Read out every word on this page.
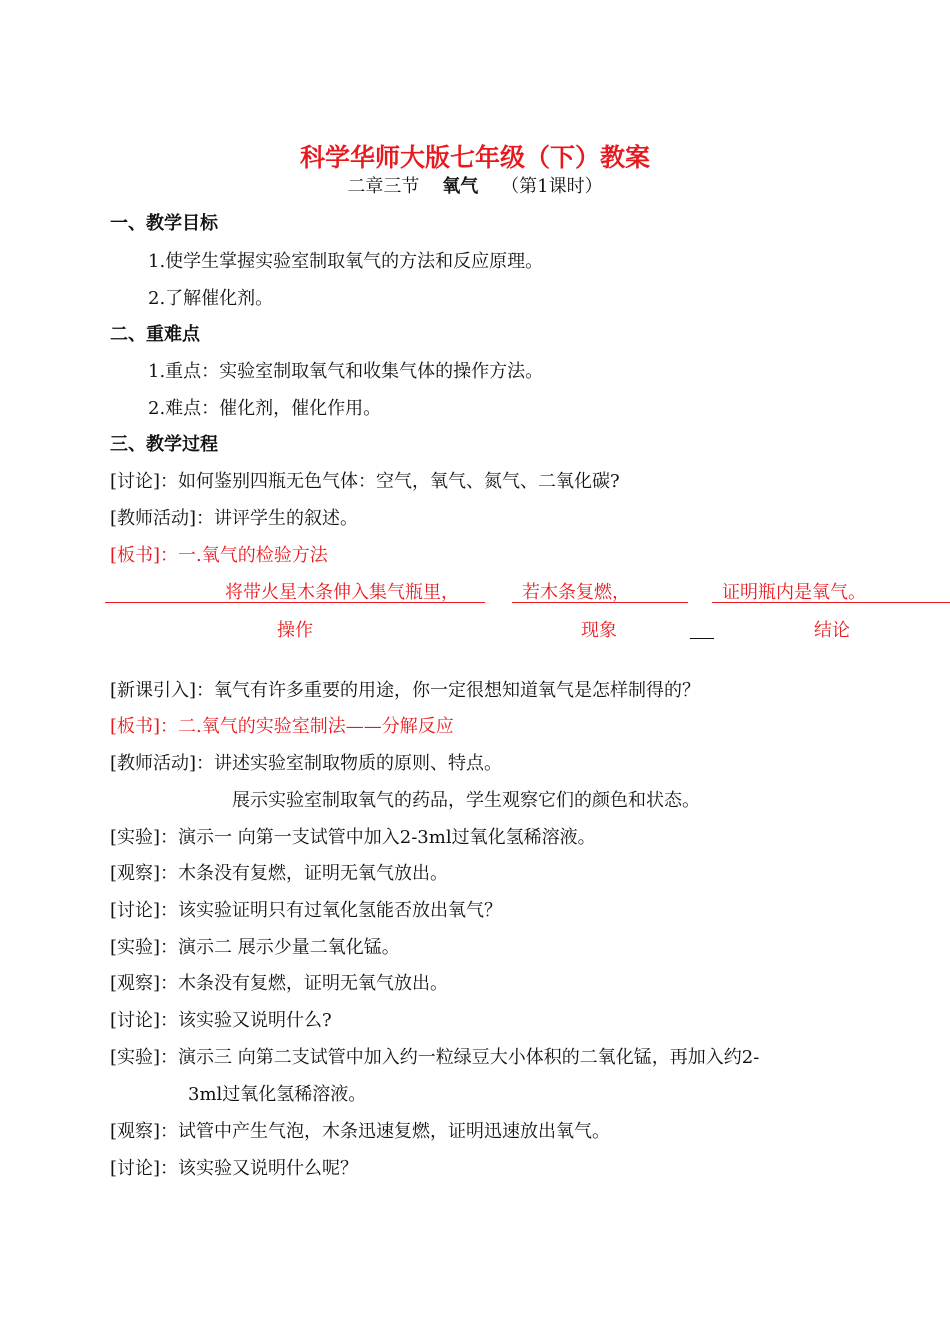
科学华师大版七年级（下）教案
二章三节 氧气 （第1课时）
一、教学目标
1.使学生掌握实验室制取氧气的方法和反应原理。
2.了解催化剂。
二、重难点
1.重点：实验室制取氧气和收集气体的操作方法。
2.难点：催化剂，催化作用。
三、教学过程
[讨论]：如何鉴别四瓶无色气体：空气，氧气、氮气、二氧化碳?
[教师活动]：讲评学生的叙述。
[板书]：一.氧气的检验方法
将带火星木条伸入集气瓶里，	若木条复燃，	证明瓶内是氧气。
操作	现象	结论
[新课引入]：氧气有许多重要的用途，你一定很想知道氧气是怎样制得的？
[板书]：二.氧气的实验室制法——分解反应
[教师活动]：讲述实验室制取物质的原则、特点。
展示实验室制取氧气的药品，学生观察它们的颜色和状态。
[实验]：演示一 向第一支试管中加入2-3ml过氧化氢稀溶液。
[观察]：木条没有复燃，证明无氧气放出。
[讨论]：该实验证明只有过氧化氢能否放出氧气？
[实验]：演示二 展示少量二氧化锰。
[观察]：木条没有复燃，证明无氧气放出。
[讨论]：该实验又说明什么?
[实验]：演示三 向第二支试管中加入约一粒绿豆大小体积的二氧化锰，再加入约2-
3ml过氧化氢稀溶液。
[观察]：试管中产生气泡，木条迅速复燃，证明迅速放出氧气。
[讨论]：该实验又说明什么呢？
